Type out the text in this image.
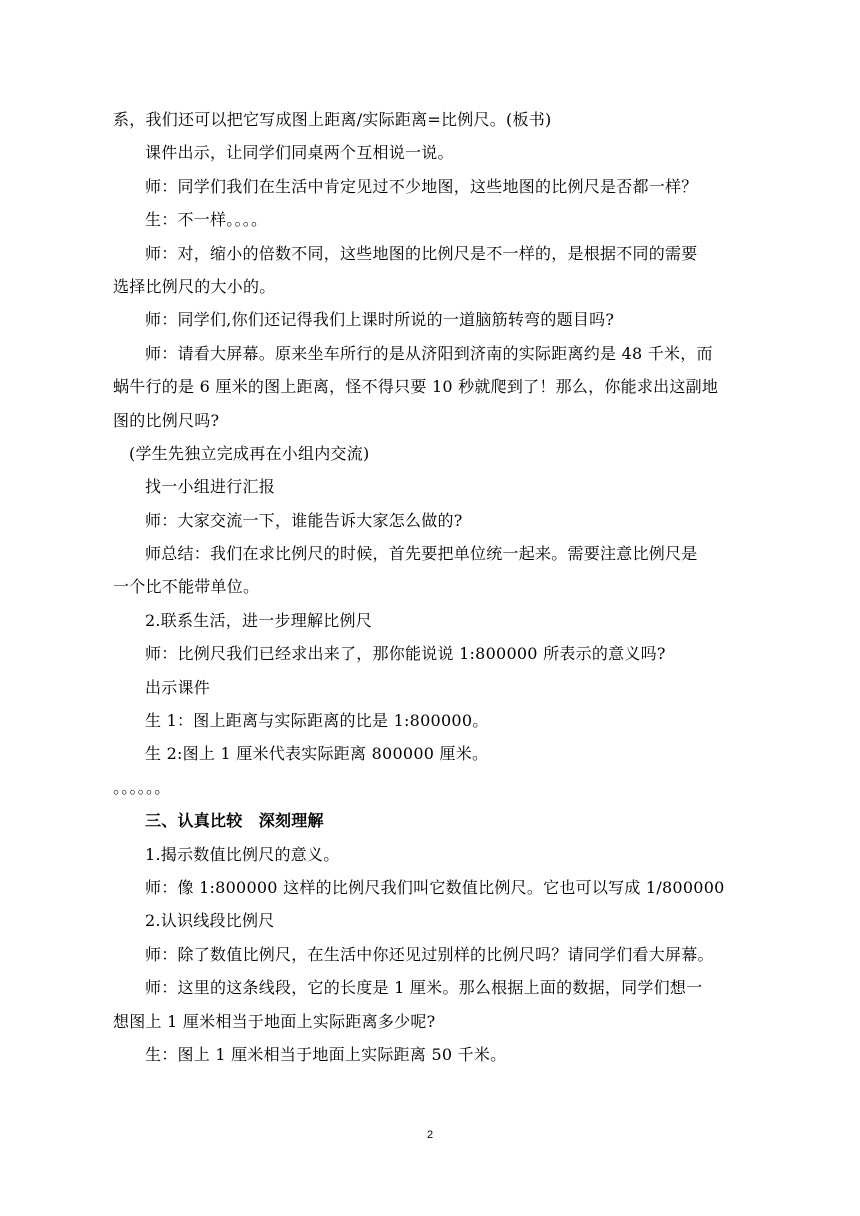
系，我们还可以把它写成图上距离/实际距离=比例尺。(板书)
课件出示，让同学们同桌两个互相说一说。
师：同学们我们在生活中肯定见过不少地图，这些地图的比例尺是否都一样？
生：不一样。。。。
师：对，缩小的倍数不同，这些地图的比例尺是不一样的，是根据不同的需要
选择比例尺的大小的。
师：同学们,你们还记得我们上课时所说的一道脑筋转弯的题目吗?
师：请看大屏幕。原来坐车所行的是从济阳到济南的实际距离约是 48 千米，而
蜗牛行的是 6 厘米的图上距离，怪不得只要 10 秒就爬到了！那么，你能求出这副地
图的比例尺吗?
(学生先独立完成再在小组内交流)
找一小组进行汇报
师：大家交流一下，谁能告诉大家怎么做的?
师总结：我们在求比例尺的时候，首先要把单位统一起来。需要注意比例尺是
一个比不能带单位。
2.联系生活，进一步理解比例尺
师：比例尺我们已经求出来了，那你能说说 1:800000 所表示的意义吗?
出示课件
生 1：图上距离与实际距离的比是 1:800000。
生 2:图上 1 厘米代表实际距离 800000 厘米。
。。。。。。
三、认真比较　深刻理解
1.揭示数值比例尺的意义。
师：像 1:800000 这样的比例尺我们叫它数值比例尺。它也可以写成 1/800000
2.认识线段比例尺
师：除了数值比例尺，在生活中你还见过别样的比例尺吗？请同学们看大屏幕。
师：这里的这条线段，它的长度是 1 厘米。那么根据上面的数据，同学们想一
想图上 1 厘米相当于地面上实际距离多少呢?
生：图上 1 厘米相当于地面上实际距离 50 千米。
2
